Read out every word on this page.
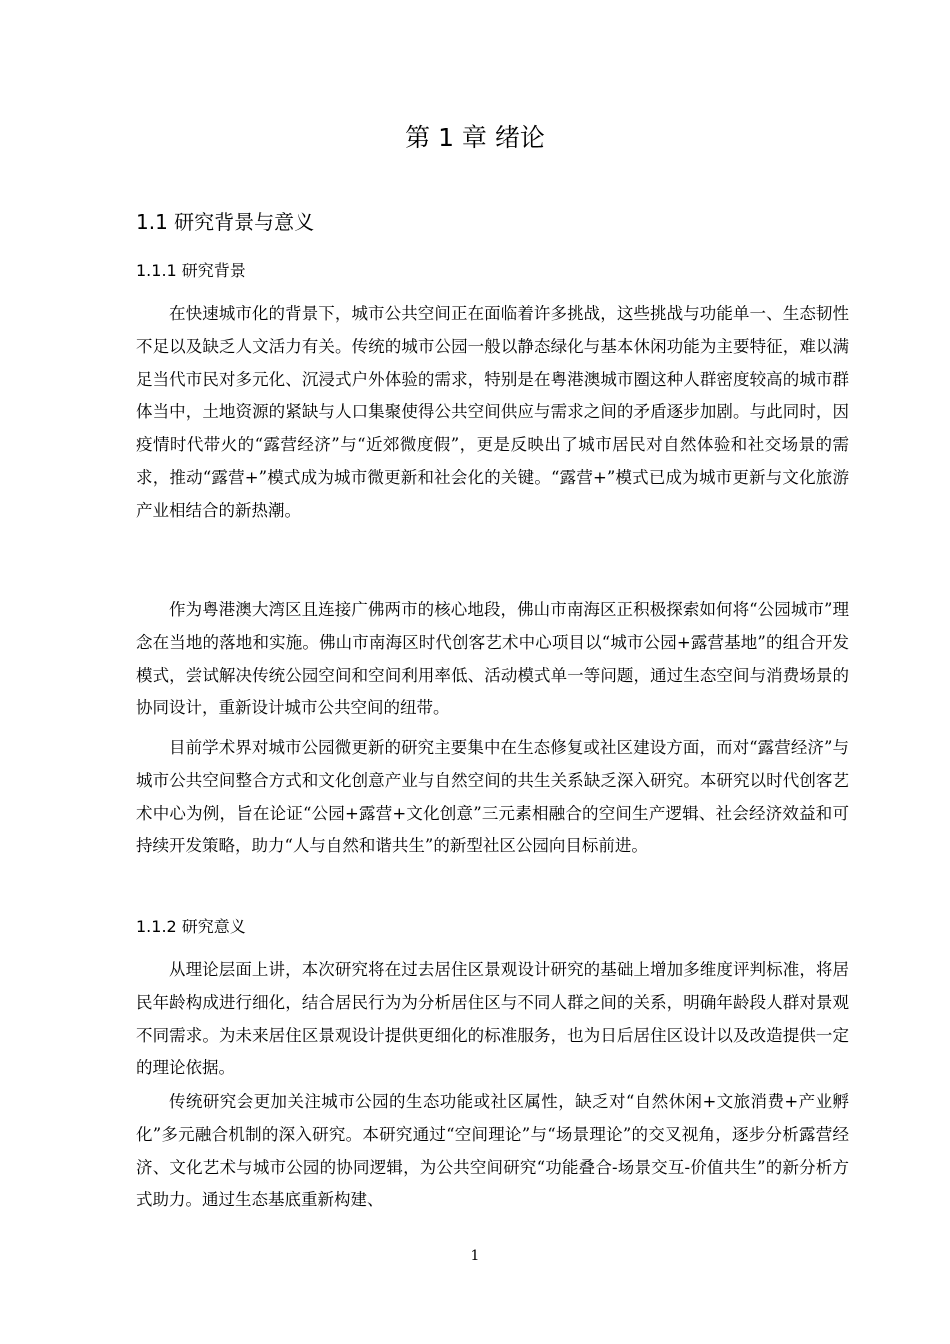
第 1 章 绪论
1.1 研究背景与意义
1.1.1 研究背景

在快速城市化的背景下，城市公共空间正在面临着许多挑战，这些挑战与功能单一、生态韧性不足以及缺乏人文活力有关。传统的城市公园一般以静态绿化与基本休闲功能为主要特征，难以满足当代市民对多元化、沉浸式户外体验的需求，特别是在粤港澳城市圈这种人群密度较高的城市群体当中，土地资源的紧缺与人口集聚使得公共空间供应与需求之间的矛盾逐步加剧。与此同时，因疫情时代带火的“露营经济”与“近郊微度假”，更是反映出了城市居民对自然体验和社交场景的需求，推动“露营+”模式成为城市微更新和社会化的关键。“露营+”模式已成为城市更新与文化旅游产业相结合的新热潮。

作为粤港澳大湾区且连接广佛两市的核心地段，佛山市南海区正积极探索如何将“公园城市”理念在当地的落地和实施。佛山市南海区时代创客艺术中心项目以“城市公园+露营基地”的组合开发模式，尝试解决传统公园空间和空间利用率低、活动模式单一等问题，通过生态空间与消费场景的协同设计，重新设计城市公共空间的纽带。

目前学术界对城市公园微更新的研究主要集中在生态修复或社区建设方面，而对“露营经济”与城市公共空间整合方式和文化创意产业与自然空间的共生关系缺乏深入研究。本研究以时代创客艺术中心为例，旨在论证“公园+露营+文化创意”三元素相融合的空间生产逻辑、社会经济效益和可持续开发策略，助力“人与自然和谐共生”的新型社区公园向目标前进。

1.1.2 研究意义

从理论层面上讲，本次研究将在过去居住区景观设计研究的基础上增加多维度评判标准，将居民年龄构成进行细化，结合居民行为为分析居住区与不同人群之间的关系，明确年龄段人群对景观不同需求。为未来居住区景观设计提供更细化的标准服务，也为日后居住区设计以及改造提供一定的理论依据。

传统研究会更加关注城市公园的生态功能或社区属性，缺乏对“自然休闲+文旅消费+产业孵化”多元融合机制的深入研究。本研究通过“空间理论”与“场景理论”的交叉视角，逐步分析露营经济、文化艺术与城市公园的协同逻辑，为公共空间研究“功能叠合-场景交互-价值共生”的新分析方式助力。通过生态基底重新构建、

1
